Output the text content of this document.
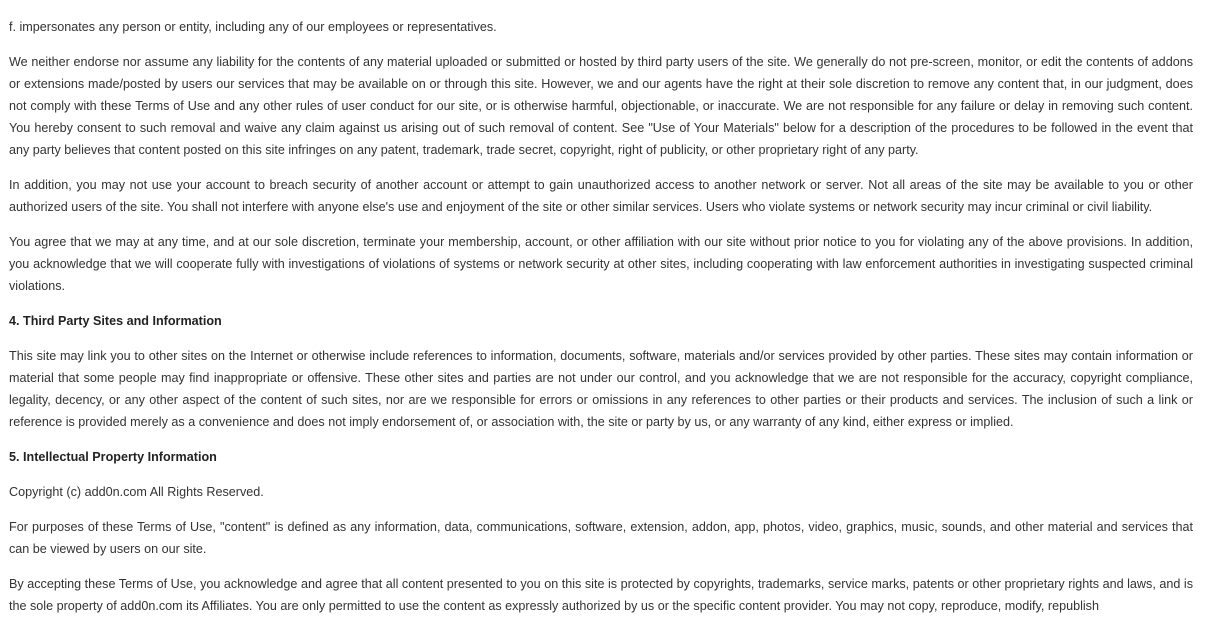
f. impersonates any person or entity, including any of our employees or representatives.

We neither endorse nor assume any liability for the contents of any material uploaded or submitted or hosted by third party users of the site. We generally do not pre-screen, monitor, or edit the contents of addons or extensions made/posted by users our services that may be available on or through this site. However, we and our agents have the right at their sole discretion to remove any content that, in our judgment, does not comply with these Terms of Use and any other rules of user conduct for our site, or is otherwise harmful, objectionable, or inaccurate. We are not responsible for any failure or delay in removing such content. You hereby consent to such removal and waive any claim against us arising out of such removal of content. See "Use of Your Materials" below for a description of the procedures to be followed in the event that any party believes that content posted on this site infringes on any patent, trademark, trade secret, copyright, right of publicity, or other proprietary right of any party.

In addition, you may not use your account to breach security of another account or attempt to gain unauthorized access to another network or server. Not all areas of the site may be available to you or other authorized users of the site. You shall not interfere with anyone else's use and enjoyment of the site or other similar services. Users who violate systems or network security may incur criminal or civil liability.

You agree that we may at any time, and at our sole discretion, terminate your membership, account, or other affiliation with our site without prior notice to you for violating any of the above provisions. In addition, you acknowledge that we will cooperate fully with investigations of violations of systems or network security at other sites, including cooperating with law enforcement authorities in investigating suspected criminal violations.

4. Third Party Sites and Information

This site may link you to other sites on the Internet or otherwise include references to information, documents, software, materials and/or services provided by other parties. These sites may contain information or material that some people may find inappropriate or offensive. These other sites and parties are not under our control, and you acknowledge that we are not responsible for the accuracy, copyright compliance, legality, decency, or any other aspect of the content of such sites, nor are we responsible for errors or omissions in any references to other parties or their products and services. The inclusion of such a link or reference is provided merely as a convenience and does not imply endorsement of, or association with, the site or party by us, or any warranty of any kind, either express or implied.

5. Intellectual Property Information

Copyright (c) add0n.com All Rights Reserved.

For purposes of these Terms of Use, "content" is defined as any information, data, communications, software, extension, addon, app, photos, video, graphics, music, sounds, and other material and services that can be viewed by users on our site.

By accepting these Terms of Use, you acknowledge and agree that all content presented to you on this site is protected by copyrights, trademarks, service marks, patents or other proprietary rights and laws, and is the sole property of add0n.com its Affiliates. You are only permitted to use the content as expressly authorized by us or the specific content provider. You may not copy, reproduce, modify, republish
